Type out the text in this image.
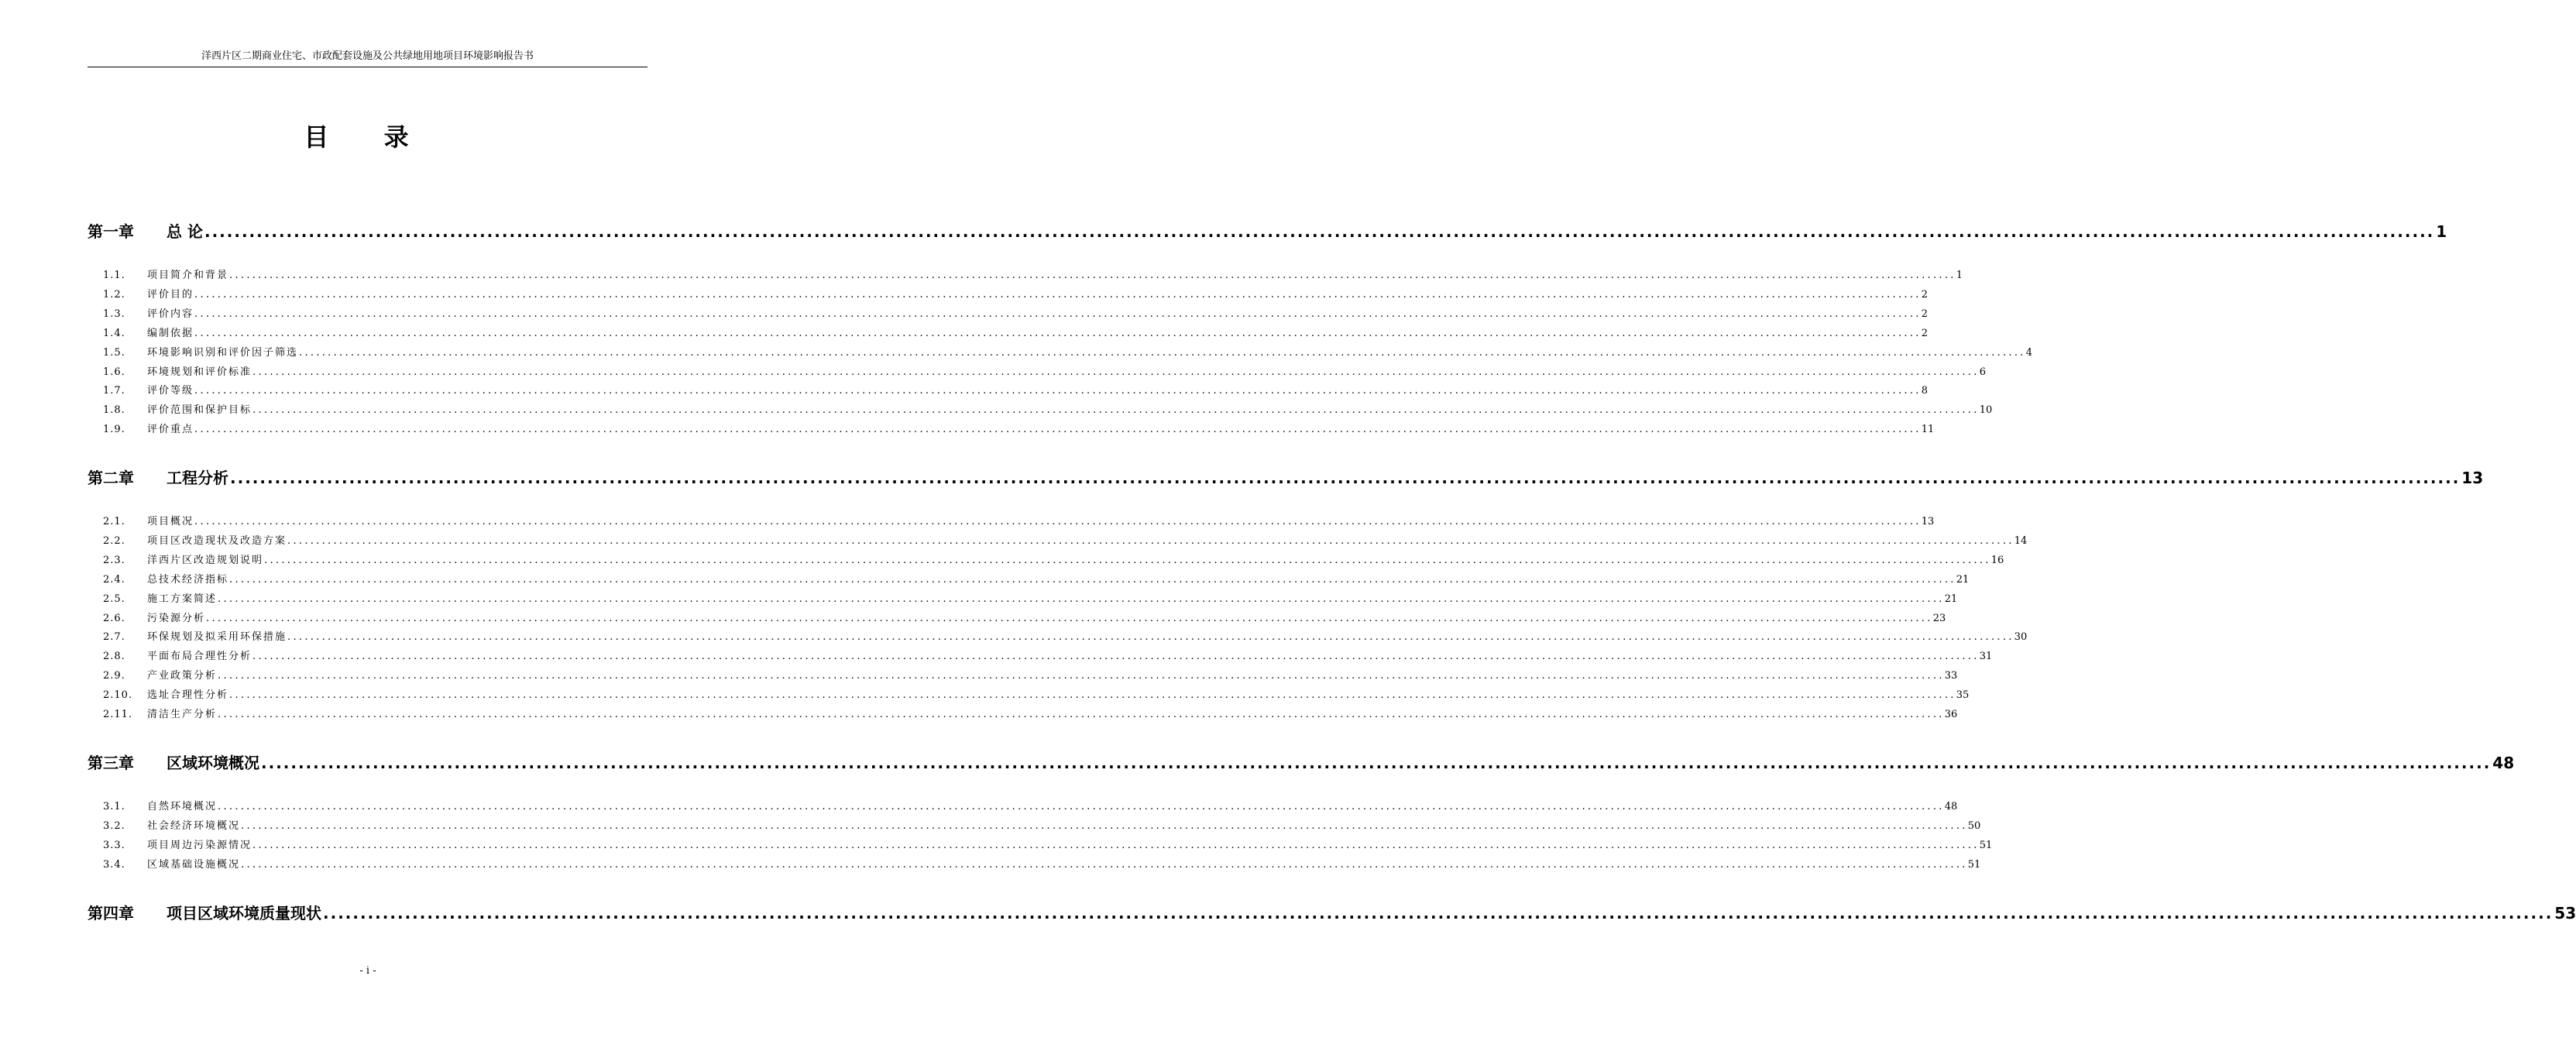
洋西片区二期商业住宅、市政配套设施及公共绿地用地项目环境影响报告书
目 录
第一章	总 论 ............................................................................................................................................................................................................................................................................................................ 1
1.1.	项目简介和背景 ............................................................................................................................................................................................................................................................................................................ 1
1.2.	评价目的 ............................................................................................................................................................................................................................................................................................................ 2
1.3.	评价内容 ............................................................................................................................................................................................................................................................................................................ 2
1.4.	编制依据 ............................................................................................................................................................................................................................................................................................................ 2
1.5.	环境影响识别和评价因子筛选 ............................................................................................................................................................................................................................................................................................................ 4
1.6.	环境规划和评价标准 ............................................................................................................................................................................................................................................................................................................ 6
1.7.	评价等级 ............................................................................................................................................................................................................................................................................................................ 8
1.8.	评价范围和保护目标 ............................................................................................................................................................................................................................................................................................................ 10
1.9.	评价重点 ............................................................................................................................................................................................................................................................................................................ 11
第二章	工程分析 ............................................................................................................................................................................................................................................................................................................ 13
2.1.	项目概况 ............................................................................................................................................................................................................................................................................................................ 13
2.2.	项目区改造现状及改造方案 ............................................................................................................................................................................................................................................................................................................ 14
2.3.	洋西片区改造规划说明 ............................................................................................................................................................................................................................................................................................................ 16
2.4.	总技术经济指标 ............................................................................................................................................................................................................................................................................................................ 21
2.5.	施工方案简述 ............................................................................................................................................................................................................................................................................................................ 21
2.6.	污染源分析 ............................................................................................................................................................................................................................................................................................................ 23
2.7.	环保规划及拟采用环保措施 ............................................................................................................................................................................................................................................................................................................ 30
2.8.	平面布局合理性分析 ............................................................................................................................................................................................................................................................................................................ 31
2.9.	产业政策分析 ............................................................................................................................................................................................................................................................................................................ 33
2.10.	选址合理性分析 ............................................................................................................................................................................................................................................................................................................ 35
2.11.	清洁生产分析 ............................................................................................................................................................................................................................................................................................................ 36
第三章	区域环境概况 ............................................................................................................................................................................................................................................................................................................ 48
3.1.	自然环境概况 ............................................................................................................................................................................................................................................................................................................ 48
3.2.	社会经济环境概况 ............................................................................................................................................................................................................................................................................................................ 50
3.3.	项目周边污染源情况 ............................................................................................................................................................................................................................................................................................................ 51
3.4.	区域基础设施概况 ............................................................................................................................................................................................................................................................................................................ 51
第四章	项目区域环境质量现状 ............................................................................................................................................................................................................................................................................................................ 53
- i -
